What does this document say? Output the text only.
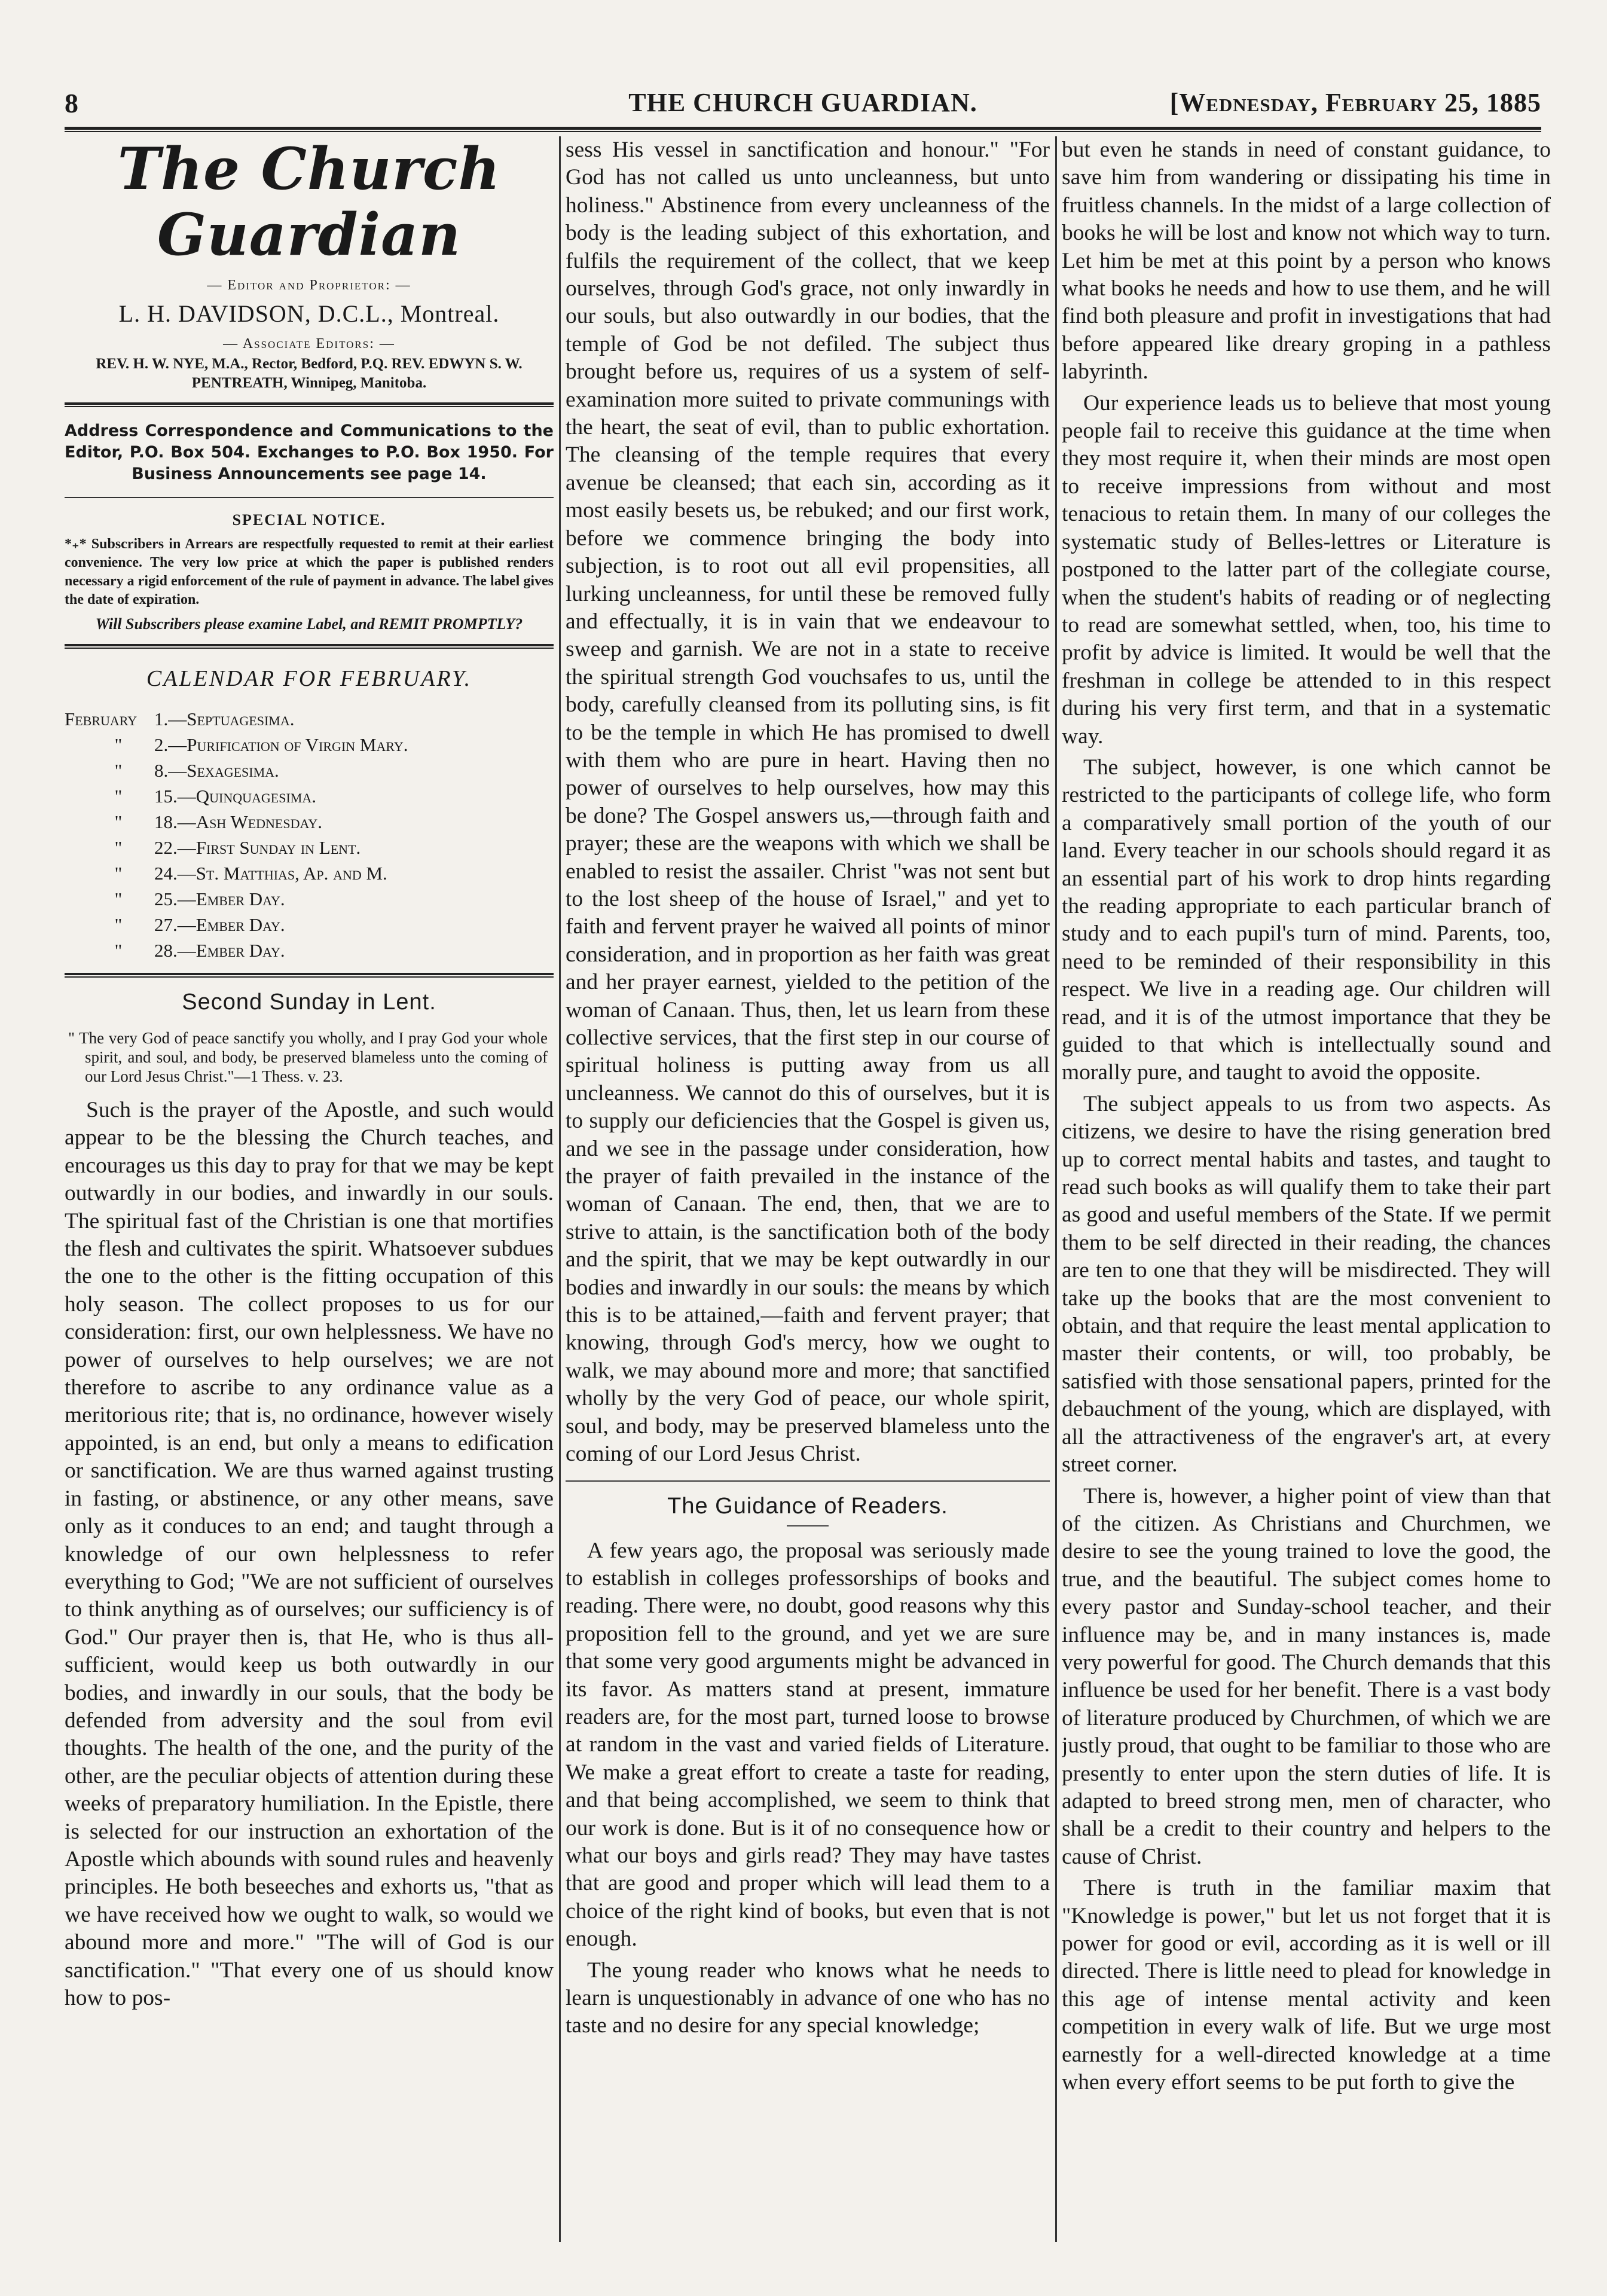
8	THE CHURCH GUARDIAN.	[Wednesday, February 25, 1885
The Church Guardian
— Editor and Proprietor: —
L. H. DAVIDSON, D.C.L., Montreal.
— Associate Editors: —
REV. H. W. NYE, M.A., Rector, Bedford, P.Q. REV. EDWYN S. W. PENTREATH, Winnipeg, Manitoba.
Address Correspondence and Communications to the Editor, P.O. Box 504. Exchanges to P.O. Box 1950. For Business Announcements see page 14.
SPECIAL NOTICE.
*₊* Subscribers in Arrears are respectfully requested to remit at their earliest convenience. The very low price at which the paper is published renders necessary a rigid enforcement of the rule of payment in advance. The label gives the date of expiration.
Will Subscribers please examine Label, and REMIT PROMPTLY?
CALENDAR FOR FEBRUARY.
February 1.—Septuagesima.
"	2.—Purification of Virgin Mary.
"	8.—Sexagesima.
"	15.—Quinquagesima.
"	18.—Ash Wednesday.
"	22.—First Sunday in Lent.
"	24.—St. Matthias, Ap. and M.
"	25.—Ember Day.
"	27.—Ember Day.
"	28.—Ember Day.
Second Sunday in Lent.
" The very God of peace sanctify you wholly, and I pray God your whole spirit, and soul, and body, be preserved blameless unto the coming of our Lord Jesus Christ."—1 Thess. v. 23.
Such is the prayer of the Apostle, and such would appear to be the blessing the Church teaches, and encourages us this day to pray for that we may be kept outwardly in our bodies, and inwardly in our souls. The spiritual fast of the Christian is one that mortifies the flesh and cultivates the spirit. Whatsoever subdues the one to the other is the fitting occupation of this holy season. The collect proposes to us for our consideration: first, our own helplessness. We have no power of ourselves to help ourselves; we are not therefore to ascribe to any ordinance value as a meritorious rite; that is, no ordinance, however wisely appointed, is an end, but only a means to edification or sanctification. We are thus warned against trusting in fasting, or abstinence, or any other means, save only as it conduces to an end; and taught through a knowledge of our own helplessness to refer everything to God; "We are not sufficient of ourselves to think anything as of ourselves; our sufficiency is of God." Our prayer then is, that He, who is thus all-sufficient, would keep us both outwardly in our bodies, and inwardly in our souls, that the body be defended from adversity and the soul from evil thoughts. The health of the one, and the purity of the other, are the peculiar objects of attention during these weeks of preparatory humiliation. In the Epistle, there is selected for our instruction an exhortation of the Apostle which abounds with sound rules and heavenly principles. He both beseeches and exhorts us, "that as we have received how we ought to walk, so would we abound more and more." "The will of God is our sanctification." "That every one of us should know how to pos-
sess His vessel in sanctification and honour." "For God has not called us unto uncleanness, but unto holiness." Abstinence from every uncleanness of the body is the leading subject of this exhortation, and fulfils the requirement of the collect, that we keep ourselves, through God's grace, not only inwardly in our souls, but also outwardly in our bodies, that the temple of God be not defiled. The subject thus brought before us, requires of us a system of self-examination more suited to private communings with the heart, the seat of evil, than to public exhortation. The cleansing of the temple requires that every avenue be cleansed; that each sin, according as it most easily besets us, be rebuked; and our first work, before we commence bringing the body into subjection, is to root out all evil propensities, all lurking uncleanness, for until these be removed fully and effectually, it is in vain that we endeavour to sweep and garnish. We are not in a state to receive the spiritual strength God vouchsafes to us, until the body, carefully cleansed from its polluting sins, is fit to be the temple in which He has promised to dwell with them who are pure in heart. Having then no power of ourselves to help ourselves, how may this be done? The Gospel answers us,—through faith and prayer; these are the weapons with which we shall be enabled to resist the assailer. Christ "was not sent but to the lost sheep of the house of Israel," and yet to faith and fervent prayer he waived all points of minor consideration, and in proportion as her faith was great and her prayer earnest, yielded to the petition of the woman of Canaan. Thus, then, let us learn from these collective services, that the first step in our course of spiritual holiness is putting away from us all uncleanness. We cannot do this of ourselves, but it is to supply our deficiencies that the Gospel is given us, and we see in the passage under consideration, how the prayer of faith prevailed in the instance of the woman of Canaan. The end, then, that we are to strive to attain, is the sanctification both of the body and the spirit, that we may be kept outwardly in our bodies and inwardly in our souls: the means by which this is to be attained,—faith and fervent prayer; that knowing, through God's mercy, how we ought to walk, we may abound more and more; that sanctified wholly by the very God of peace, our whole spirit, soul, and body, may be preserved blameless unto the coming of our Lord Jesus Christ.
The Guidance of Readers.
A few years ago, the proposal was seriously made to establish in colleges professorships of books and reading. There were, no doubt, good reasons why this proposition fell to the ground, and yet we are sure that some very good arguments might be advanced in its favor. As matters stand at present, immature readers are, for the most part, turned loose to browse at random in the vast and varied fields of Literature. We make a great effort to create a taste for reading, and that being accomplished, we seem to think that our work is done. But is it of no consequence how or what our boys and girls read? They may have tastes that are good and proper which will lead them to a choice of the right kind of books, but even that is not enough.
The young reader who knows what he needs to learn is unquestionably in advance of one who has no taste and no desire for any special knowledge;
but even he stands in need of constant guidance, to save him from wandering or dissipating his time in fruitless channels. In the midst of a large collection of books he will be lost and know not which way to turn. Let him be met at this point by a person who knows what books he needs and how to use them, and he will find both pleasure and profit in investigations that had before appeared like dreary groping in a pathless labyrinth.
Our experience leads us to believe that most young people fail to receive this guidance at the time when they most require it, when their minds are most open to receive impressions from without and most tenacious to retain them. In many of our colleges the systematic study of Belles-lettres or Literature is postponed to the latter part of the collegiate course, when the student's habits of reading or of neglecting to read are somewhat settled, when, too, his time to profit by advice is limited. It would be well that the freshman in college be attended to in this respect during his very first term, and that in a systematic way.
The subject, however, is one which cannot be restricted to the participants of college life, who form a comparatively small portion of the youth of our land. Every teacher in our schools should regard it as an essential part of his work to drop hints regarding the reading appropriate to each particular branch of study and to each pupil's turn of mind. Parents, too, need to be reminded of their responsibility in this respect. We live in a reading age. Our children will read, and it is of the utmost importance that they be guided to that which is intellectually sound and morally pure, and taught to avoid the opposite.
The subject appeals to us from two aspects. As citizens, we desire to have the rising generation bred up to correct mental habits and tastes, and taught to read such books as will qualify them to take their part as good and useful members of the State. If we permit them to be self directed in their reading, the chances are ten to one that they will be misdirected. They will take up the books that are the most convenient to obtain, and that require the least mental application to master their contents, or will, too probably, be satisfied with those sensational papers, printed for the debauchment of the young, which are displayed, with all the attractiveness of the engraver's art, at every street corner.
There is, however, a higher point of view than that of the citizen. As Christians and Churchmen, we desire to see the young trained to love the good, the true, and the beautiful. The subject comes home to every pastor and Sunday-school teacher, and their influence may be, and in many instances is, made very powerful for good. The Church demands that this influence be used for her benefit. There is a vast body of literature produced by Churchmen, of which we are justly proud, that ought to be familiar to those who are presently to enter upon the stern duties of life. It is adapted to breed strong men, men of character, who shall be a credit to their country and helpers to the cause of Christ.
There is truth in the familiar maxim that "Knowledge is power," but let us not forget that it is power for good or evil, according as it is well or ill directed. There is little need to plead for knowledge in this age of intense mental activity and keen competition in every walk of life. But we urge most earnestly for a well-directed knowledge at a time when every effort seems to be put forth to give the
